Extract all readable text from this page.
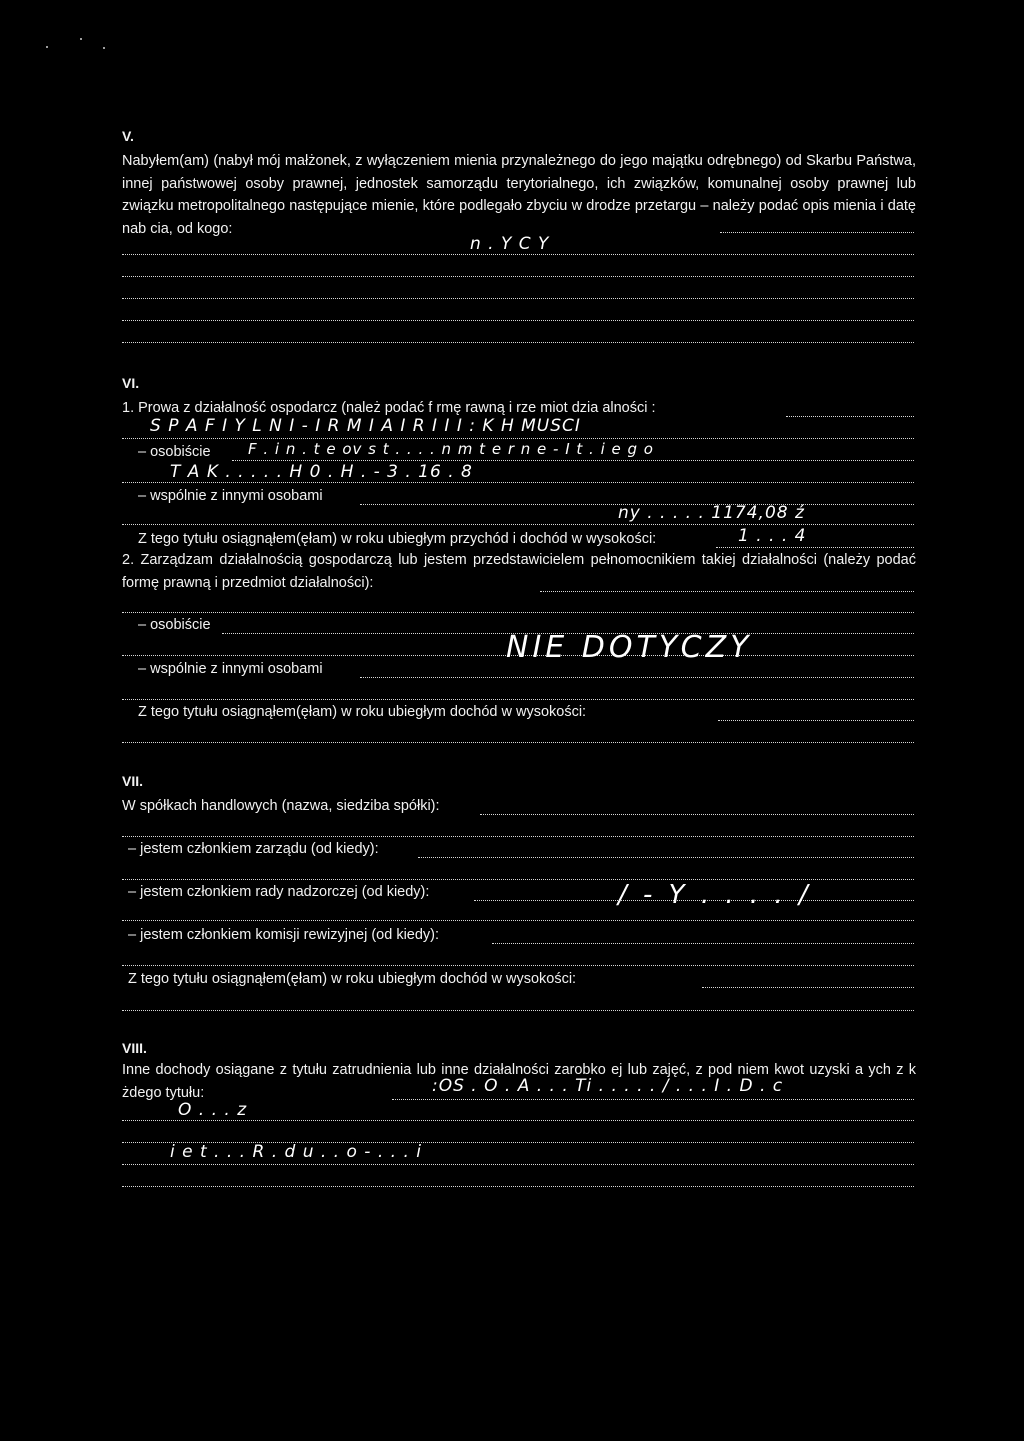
V.
Nabyłem(am) (nabył mój małżonek, z wyłączeniem mienia przynależnego do jego majątku odrębnego) od Skarbu Państwa, innej państwowej osoby prawnej, jednostek samorządu terytorialnego, ich związków, komunalnej osoby prawnej lub związku metropolitalnego następujące mienie, które podlegało zbyciu w drodze przetargu – należy podać opis mienia i datę nab cia, od kogo:
n . Y C Y
VI.
1. Prowa z działalność ospodarcz (należ podać f rmę rawną i rze miot dzia alności :
S P A F I Y L N I - I R M I A I R I I I : K H MUSCI
– osobiście	F . i n . t e ov s t . . . . n m t e r n e - I t . i e g o
T A K . . . . . H 0 . H . - 3 . 16 . 8
– wspólnie z innymi osobami
ny . . . . . 1174,08 ź
Z tego tytułu osiągnąłem(ęłam) w roku ubiegłym przychód i dochód w wysokości:	1 . . . 4
2. Zarządzam działalnością gospodarczą lub jestem przedstawicielem pełnomocnikiem takiej działalności (należy podać formę prawną i przedmiot działalności):
– osobiście
– wspólnie z innymi osobami
NIE DOTYCZY
Z tego tytułu osiągnąłem(ęłam) w roku ubiegłym dochód w wysokości:
VII.
W spółkach handlowych (nazwa, siedziba spółki):
– jestem członkiem zarządu (od kiedy):
– jestem członkiem rady nadzorczej (od kiedy):	/ - Y . . . . /
– jestem członkiem komisji rewizyjnej (od kiedy):
Z tego tytułu osiągnąłem(ęłam) w roku ubiegłym dochód w wysokości:
VIII.
Inne dochody osiągane z tytułu zatrudnienia lub inne działalności zarobko ej lub zajęć, z pod niem kwot uzyski a ych z k żdego tytułu:	:OS . O . A . . . Ti . . . . . / . . . I . D . c
O . . . z
i e t . . . R . d u . . o - . . . i
